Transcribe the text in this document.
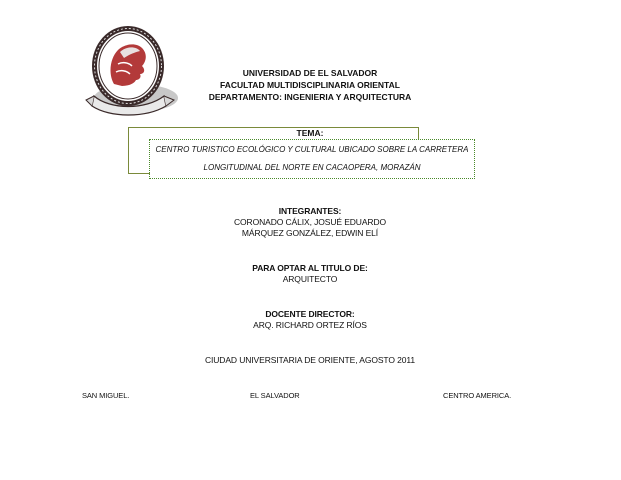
UNIVERSIDAD DE EL SALVADOR
FACULTAD MULTIDISCIPLINARIA ORIENTAL
DEPARTAMENTO: INGENIERIA Y ARQUITECTURA
TEMA:
CENTRO TURISTICO ECOLÓGICO Y CULTURAL UBICADO SOBRE LA CARRETERA
LONGITUDINAL DEL NORTE EN CACAOPERA, MORAZÁN
INTEGRANTES:
CORONADO CÁLIX, JOSUÉ EDUARDO
MÁRQUEZ GONZÁLEZ, EDWIN ELÍ
PARA OPTAR AL TITULO DE:
ARQUITECTO
DOCENTE DIRECTOR:
ARQ. RICHARD ORTEZ RÍOS
CIUDAD UNIVERSITARIA DE ORIENTE, AGOSTO 2011
SAN MIGUEL.	EL SALVADOR	CENTRO AMERICA.
